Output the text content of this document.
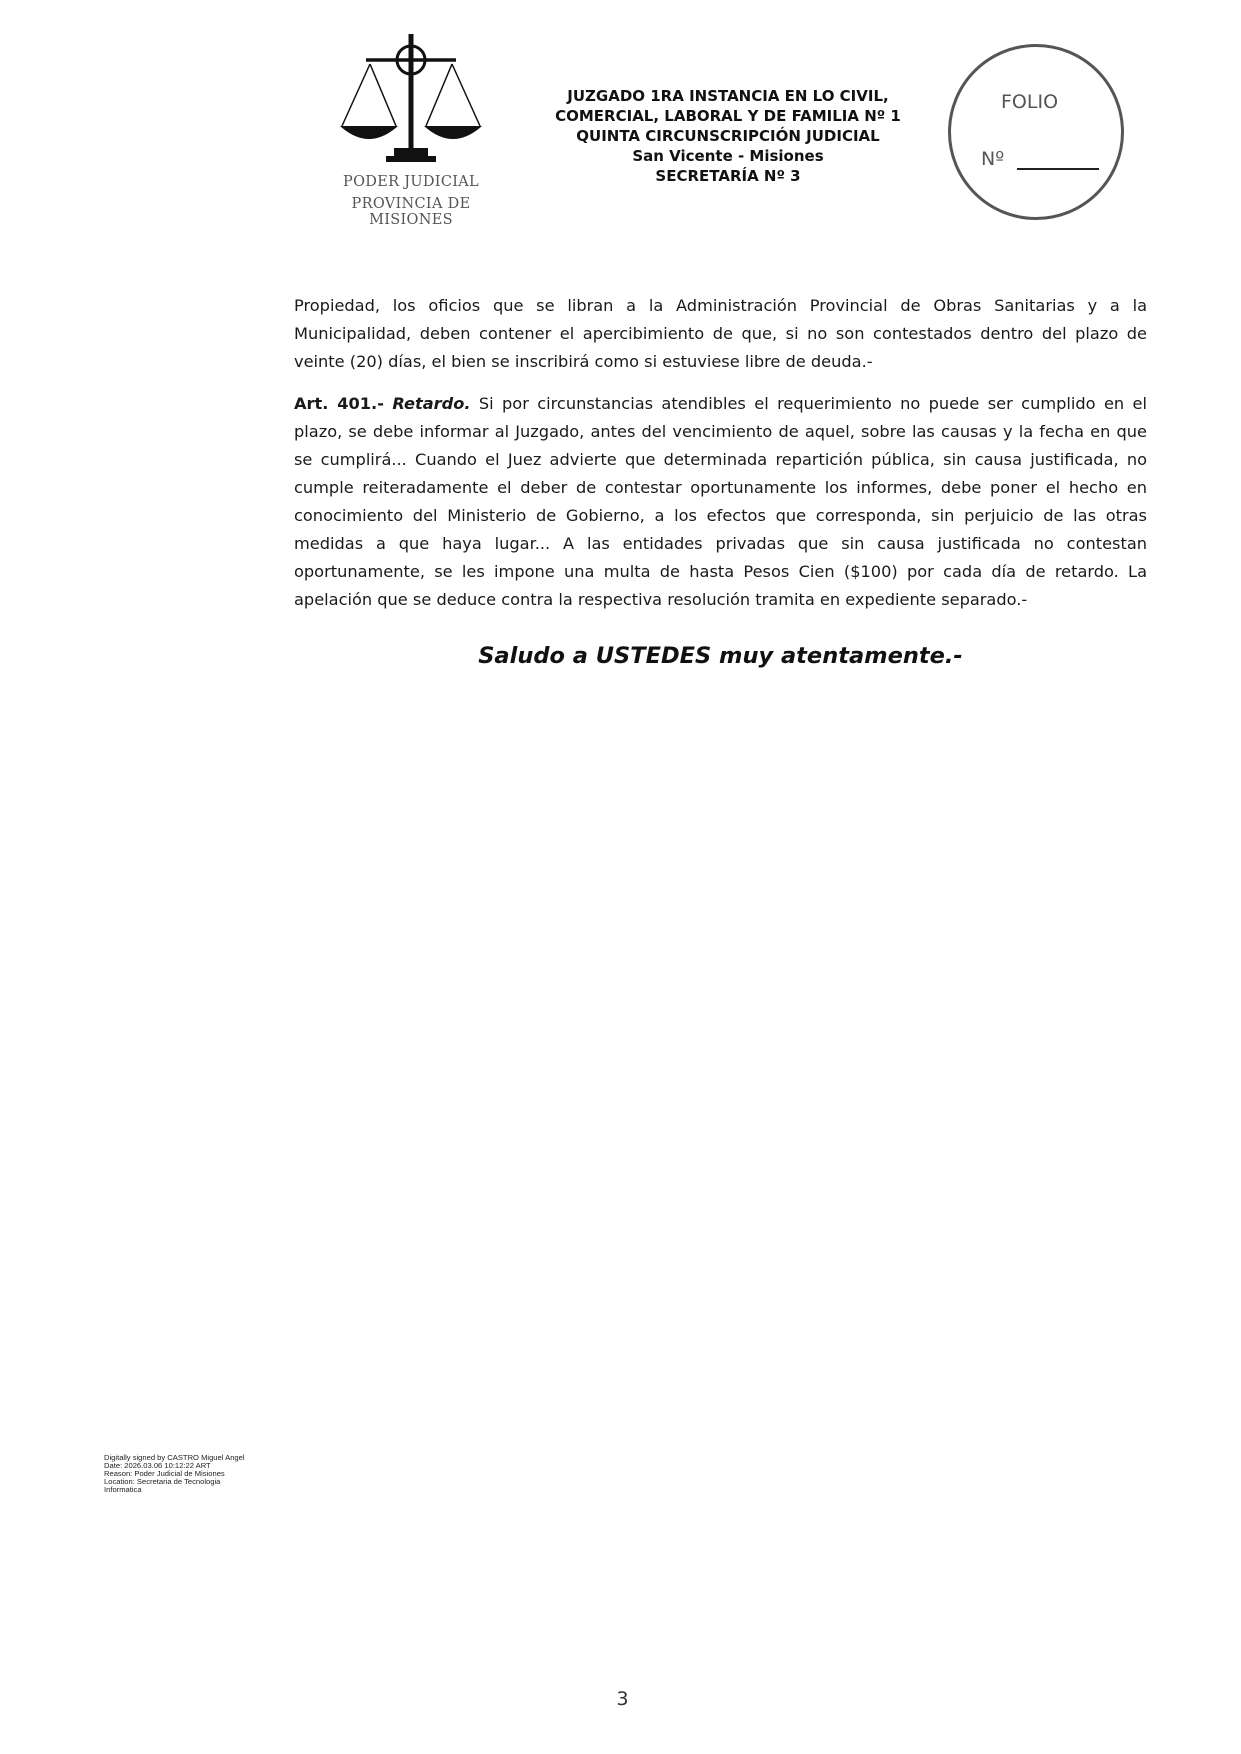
PODER JUDICIAL
PROVINCIA DE MISIONES
JUZGADO 1RA INSTANCIA EN LO CIVIL,
COMERCIAL, LABORAL Y DE FAMILIA Nº 1
QUINTA CIRCUNSCRIPCIÓN JUDICIAL
San Vicente - Misiones
SECRETARÍA Nº 3
FOLIO
Nº

Propiedad, los oficios que se libran a la Administración Provincial de Obras Sanitarias y a la Municipalidad, deben contener el apercibimiento de que, si no son contestados dentro del plazo de veinte (20) días, el bien se inscribirá como si estuviese libre de deuda.-

Art. 401.- Retardo. Si por circunstancias atendibles el requerimiento no puede ser cumplido en el plazo, se debe informar al Juzgado, antes del vencimiento de aquel, sobre las causas y la fecha en que se cumplirá... Cuando el Juez advierte que determinada repartición pública, sin causa justificada, no cumple reiteradamente el deber de contestar oportunamente los informes, debe poner el hecho en conocimiento del Ministerio de Gobierno, a los efectos que corresponda, sin perjuicio de las otras medidas a que haya lugar... A las entidades privadas que sin causa justificada no contestan oportunamente, se les impone una multa de hasta Pesos Cien ($100) por cada día de retardo. La apelación que se deduce contra la respectiva resolución tramita en expediente separado.-

Saludo a USTEDES muy atentamente.-
Digitally signed by CASTRO Miguel Angel
Date: 2026.03.06 10:12:22 ART
Reason: Poder Judicial de Misiones
Location: Secretaria de Tecnologia
Informatica
3
